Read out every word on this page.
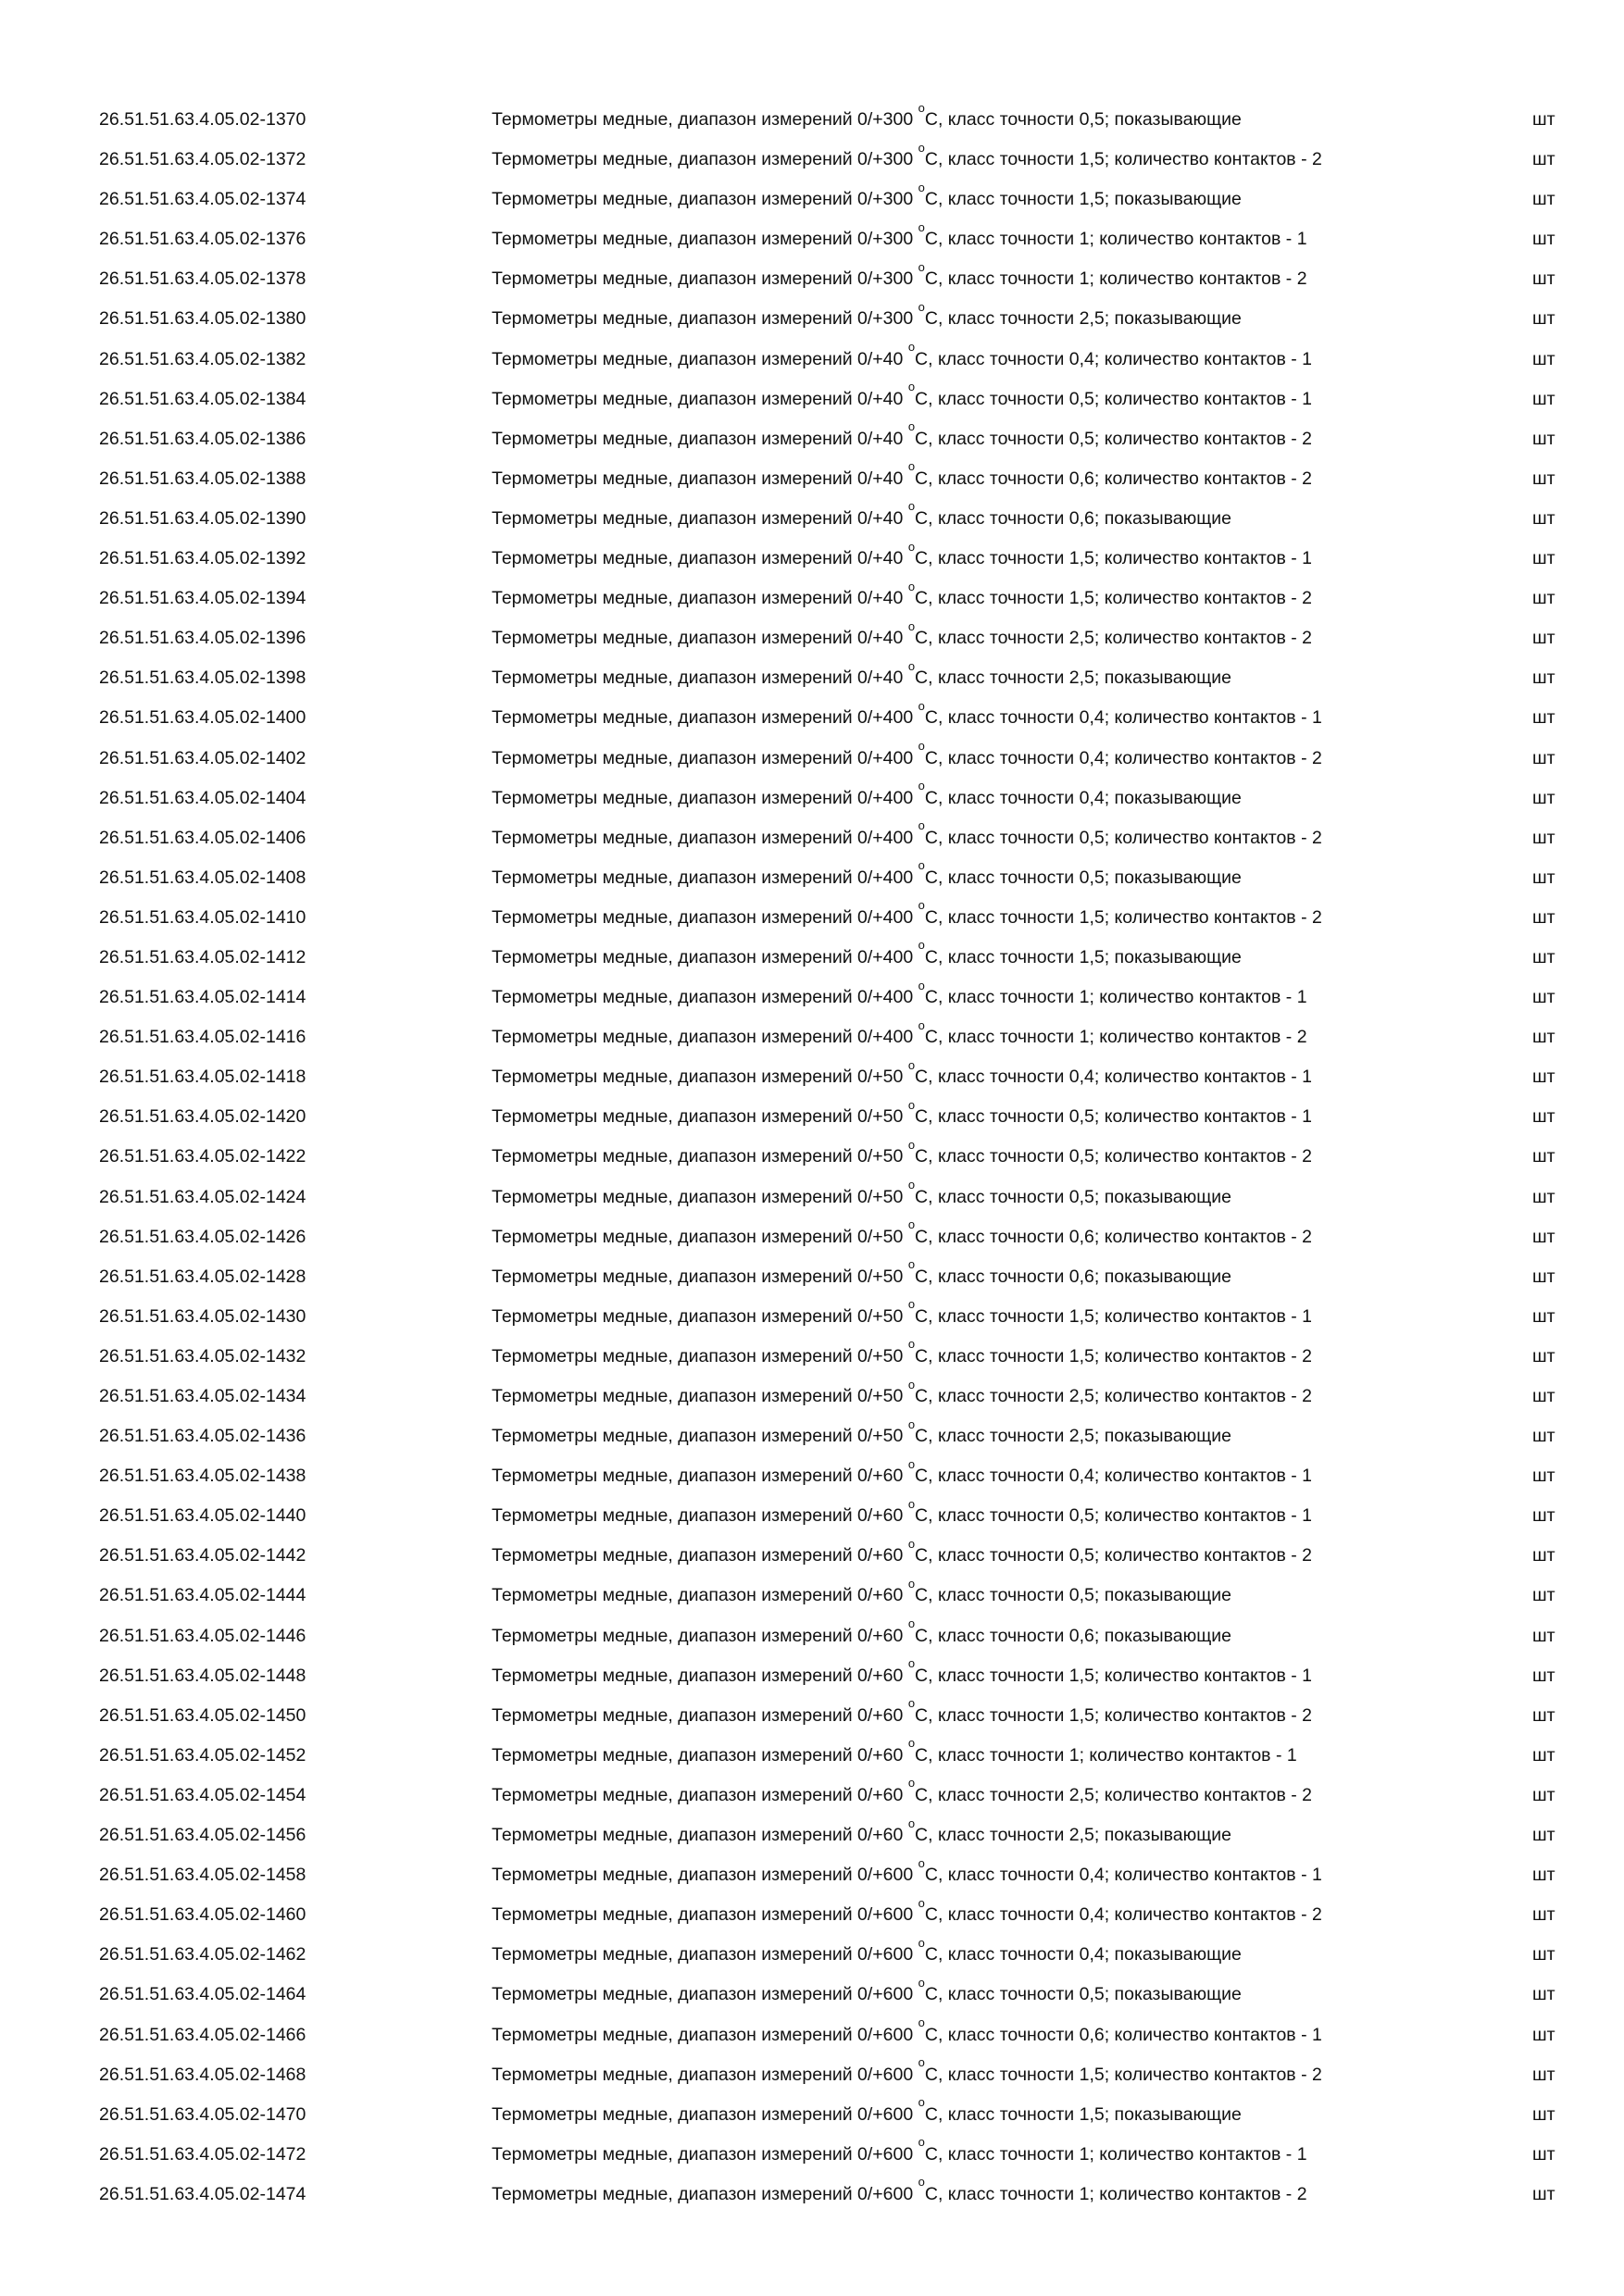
26.51.51.63.4.05.02-1370	Термометры медные, диапазон измерений 0/+300 $^о$С, класс точности 0,5; показывающие	шт
26.51.51.63.4.05.02-1372	Термометры медные, диапазон измерений 0/+300 $^о$С, класс точности 1,5; количество контактов - 2	шт
26.51.51.63.4.05.02-1374	Термометры медные, диапазон измерений 0/+300 $^о$С, класс точности 1,5; показывающие	шт
26.51.51.63.4.05.02-1376	Термометры медные, диапазон измерений 0/+300 $^о$С, класс точности 1; количество контактов - 1	шт
26.51.51.63.4.05.02-1378	Термометры медные, диапазон измерений 0/+300 $^о$С, класс точности 1; количество контактов - 2	шт
26.51.51.63.4.05.02-1380	Термометры медные, диапазон измерений 0/+300 $^о$С, класс точности 2,5; показывающие	шт
26.51.51.63.4.05.02-1382	Термометры медные, диапазон измерений 0/+40 $^о$С, класс точности 0,4; количество контактов - 1	шт
26.51.51.63.4.05.02-1384	Термометры медные, диапазон измерений 0/+40 $^о$С, класс точности 0,5; количество контактов - 1	шт
26.51.51.63.4.05.02-1386	Термометры медные, диапазон измерений 0/+40 $^о$С, класс точности 0,5; количество контактов - 2	шт
26.51.51.63.4.05.02-1388	Термометры медные, диапазон измерений 0/+40 $^о$С, класс точности 0,6; количество контактов - 2	шт
26.51.51.63.4.05.02-1390	Термометры медные, диапазон измерений 0/+40 $^о$С, класс точности 0,6; показывающие	шт
26.51.51.63.4.05.02-1392	Термометры медные, диапазон измерений 0/+40 $^о$С, класс точности 1,5; количество контактов - 1	шт
26.51.51.63.4.05.02-1394	Термометры медные, диапазон измерений 0/+40 $^о$С, класс точности 1,5; количество контактов - 2	шт
26.51.51.63.4.05.02-1396	Термометры медные, диапазон измерений 0/+40 $^о$С, класс точности 2,5; количество контактов - 2	шт
26.51.51.63.4.05.02-1398	Термометры медные, диапазон измерений 0/+40 $^о$С, класс точности 2,5; показывающие	шт
26.51.51.63.4.05.02-1400	Термометры медные, диапазон измерений 0/+400 $^о$С, класс точности 0,4; количество контактов - 1	шт
26.51.51.63.4.05.02-1402	Термометры медные, диапазон измерений 0/+400 $^о$С, класс точности 0,4; количество контактов - 2	шт
26.51.51.63.4.05.02-1404	Термометры медные, диапазон измерений 0/+400 $^о$С, класс точности 0,4; показывающие	шт
26.51.51.63.4.05.02-1406	Термометры медные, диапазон измерений 0/+400 $^о$С, класс точности 0,5; количество контактов - 2	шт
26.51.51.63.4.05.02-1408	Термометры медные, диапазон измерений 0/+400 $^о$С, класс точности 0,5; показывающие	шт
26.51.51.63.4.05.02-1410	Термометры медные, диапазон измерений 0/+400 $^о$С, класс точности 1,5; количество контактов - 2	шт
26.51.51.63.4.05.02-1412	Термометры медные, диапазон измерений 0/+400 $^о$С, класс точности 1,5; показывающие	шт
26.51.51.63.4.05.02-1414	Термометры медные, диапазон измерений 0/+400 $^о$С, класс точности 1; количество контактов - 1	шт
26.51.51.63.4.05.02-1416	Термометры медные, диапазон измерений 0/+400 $^о$С, класс точности 1; количество контактов - 2	шт
26.51.51.63.4.05.02-1418	Термометры медные, диапазон измерений 0/+50 $^о$С, класс точности 0,4; количество контактов - 1	шт
26.51.51.63.4.05.02-1420	Термометры медные, диапазон измерений 0/+50 $^о$С, класс точности 0,5; количество контактов - 1	шт
26.51.51.63.4.05.02-1422	Термометры медные, диапазон измерений 0/+50 $^о$С, класс точности 0,5; количество контактов - 2	шт
26.51.51.63.4.05.02-1424	Термометры медные, диапазон измерений 0/+50 $^о$С, класс точности 0,5; показывающие	шт
26.51.51.63.4.05.02-1426	Термометры медные, диапазон измерений 0/+50 $^о$С, класс точности 0,6; количество контактов - 2	шт
26.51.51.63.4.05.02-1428	Термометры медные, диапазон измерений 0/+50 $^о$С, класс точности 0,6; показывающие	шт
26.51.51.63.4.05.02-1430	Термометры медные, диапазон измерений 0/+50 $^о$С, класс точности 1,5; количество контактов - 1	шт
26.51.51.63.4.05.02-1432	Термометры медные, диапазон измерений 0/+50 $^о$С, класс точности 1,5; количество контактов - 2	шт
26.51.51.63.4.05.02-1434	Термометры медные, диапазон измерений 0/+50 $^о$С, класс точности 2,5; количество контактов - 2	шт
26.51.51.63.4.05.02-1436	Термометры медные, диапазон измерений 0/+50 $^о$С, класс точности 2,5; показывающие	шт
26.51.51.63.4.05.02-1438	Термометры медные, диапазон измерений 0/+60 $^о$С, класс точности 0,4; количество контактов - 1	шт
26.51.51.63.4.05.02-1440	Термометры медные, диапазон измерений 0/+60 $^о$С, класс точности 0,5; количество контактов - 1	шт
26.51.51.63.4.05.02-1442	Термометры медные, диапазон измерений 0/+60 $^о$С, класс точности 0,5; количество контактов - 2	шт
26.51.51.63.4.05.02-1444	Термометры медные, диапазон измерений 0/+60 $^о$С, класс точности 0,5; показывающие	шт
26.51.51.63.4.05.02-1446	Термометры медные, диапазон измерений 0/+60 $^о$С, класс точности 0,6; показывающие	шт
26.51.51.63.4.05.02-1448	Термометры медные, диапазон измерений 0/+60 $^о$С, класс точности 1,5; количество контактов - 1	шт
26.51.51.63.4.05.02-1450	Термометры медные, диапазон измерений 0/+60 $^о$С, класс точности 1,5; количество контактов - 2	шт
26.51.51.63.4.05.02-1452	Термометры медные, диапазон измерений 0/+60 $^о$С, класс точности 1; количество контактов - 1	шт
26.51.51.63.4.05.02-1454	Термометры медные, диапазон измерений 0/+60 $^о$С, класс точности 2,5; количество контактов - 2	шт
26.51.51.63.4.05.02-1456	Термометры медные, диапазон измерений 0/+60 $^о$С, класс точности 2,5; показывающие	шт
26.51.51.63.4.05.02-1458	Термометры медные, диапазон измерений 0/+600 $^о$С, класс точности 0,4; количество контактов - 1	шт
26.51.51.63.4.05.02-1460	Термометры медные, диапазон измерений 0/+600 $^о$С, класс точности 0,4; количество контактов - 2	шт
26.51.51.63.4.05.02-1462	Термометры медные, диапазон измерений 0/+600 $^о$С, класс точности 0,4; показывающие	шт
26.51.51.63.4.05.02-1464	Термометры медные, диапазон измерений 0/+600 $^о$С, класс точности 0,5; показывающие	шт
26.51.51.63.4.05.02-1466	Термометры медные, диапазон измерений 0/+600 $^о$С, класс точности 0,6; количество контактов - 1	шт
26.51.51.63.4.05.02-1468	Термометры медные, диапазон измерений 0/+600 $^о$С, класс точности 1,5; количество контактов - 2	шт
26.51.51.63.4.05.02-1470	Термометры медные, диапазон измерений 0/+600 $^о$С, класс точности 1,5; показывающие	шт
26.51.51.63.4.05.02-1472	Термометры медные, диапазон измерений 0/+600 $^о$С, класс точности 1; количество контактов - 1	шт
26.51.51.63.4.05.02-1474	Термометры медные, диапазон измерений 0/+600 $^о$С, класс точности 1; количество контактов - 2	шт
